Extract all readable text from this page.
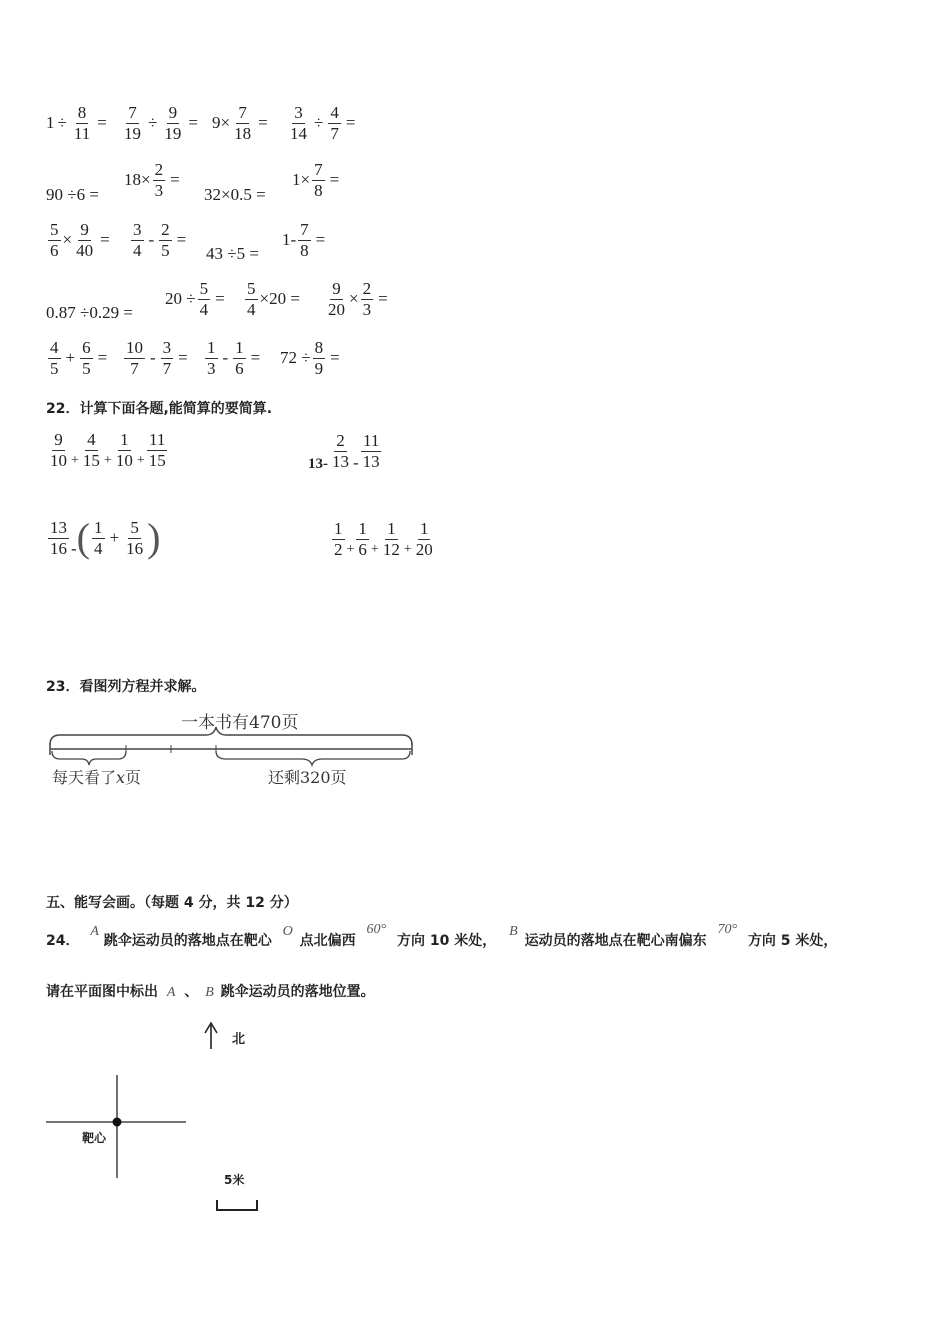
$1 \div \frac{8}{11} = \frac{7}{19} \div \frac{9}{19} = 9 \times \frac{7}{18} = \frac{3}{14} \div \frac{4}{7}$ =
90 ÷6 =
$18 \times \frac{2}{3}$ =
32 × 0.5 =
$1 \times \frac{7}{8}$ =
$\frac{5}{6} \times \frac{9}{40} = \frac{3}{4} - \frac{2}{5}$ =
43 ÷5 =
$1- \frac{7}{8}$ =
0.87 ÷0.29 =
$20 \div \frac{5}{4} = \frac{5}{4} \times 20 = \frac{9}{20} \times \frac{2}{3}$ =
$\frac{4}{5} + \frac{6}{5} = \frac{10}{7} - \frac{3}{7} = \frac{1}{3} - \frac{1}{6} = 72 \div \frac{8}{9}$ =
22．计算下面各题,能简算的要简算.
$\frac{9}{10} + \frac{4}{15} + \frac{1}{10} + \frac{11}{15}$	$13- \frac{2}{13} - \frac{11}{13}$
$\frac{13}{16}$ - ( $\frac{1}{4} + \frac{5}{16}$ )	$\frac{1}{2} + \frac{1}{6} + \frac{1}{12} + \frac{1}{20}$
23．看图列方程并求解。
一本书有470页
每天看了x页	还剩320页
五、能写会画。（每题 4 分，共 12 分）
24． A 跳伞运动员的落地点在靶心 O 点北偏西 60° 方向 10 米处， B 运动员的落地点在靶心南偏东 70° 方向 5 米处，
请在平面图中标出 A 、 B 跳伞运动员的落地位置。
北
靶心
5米
